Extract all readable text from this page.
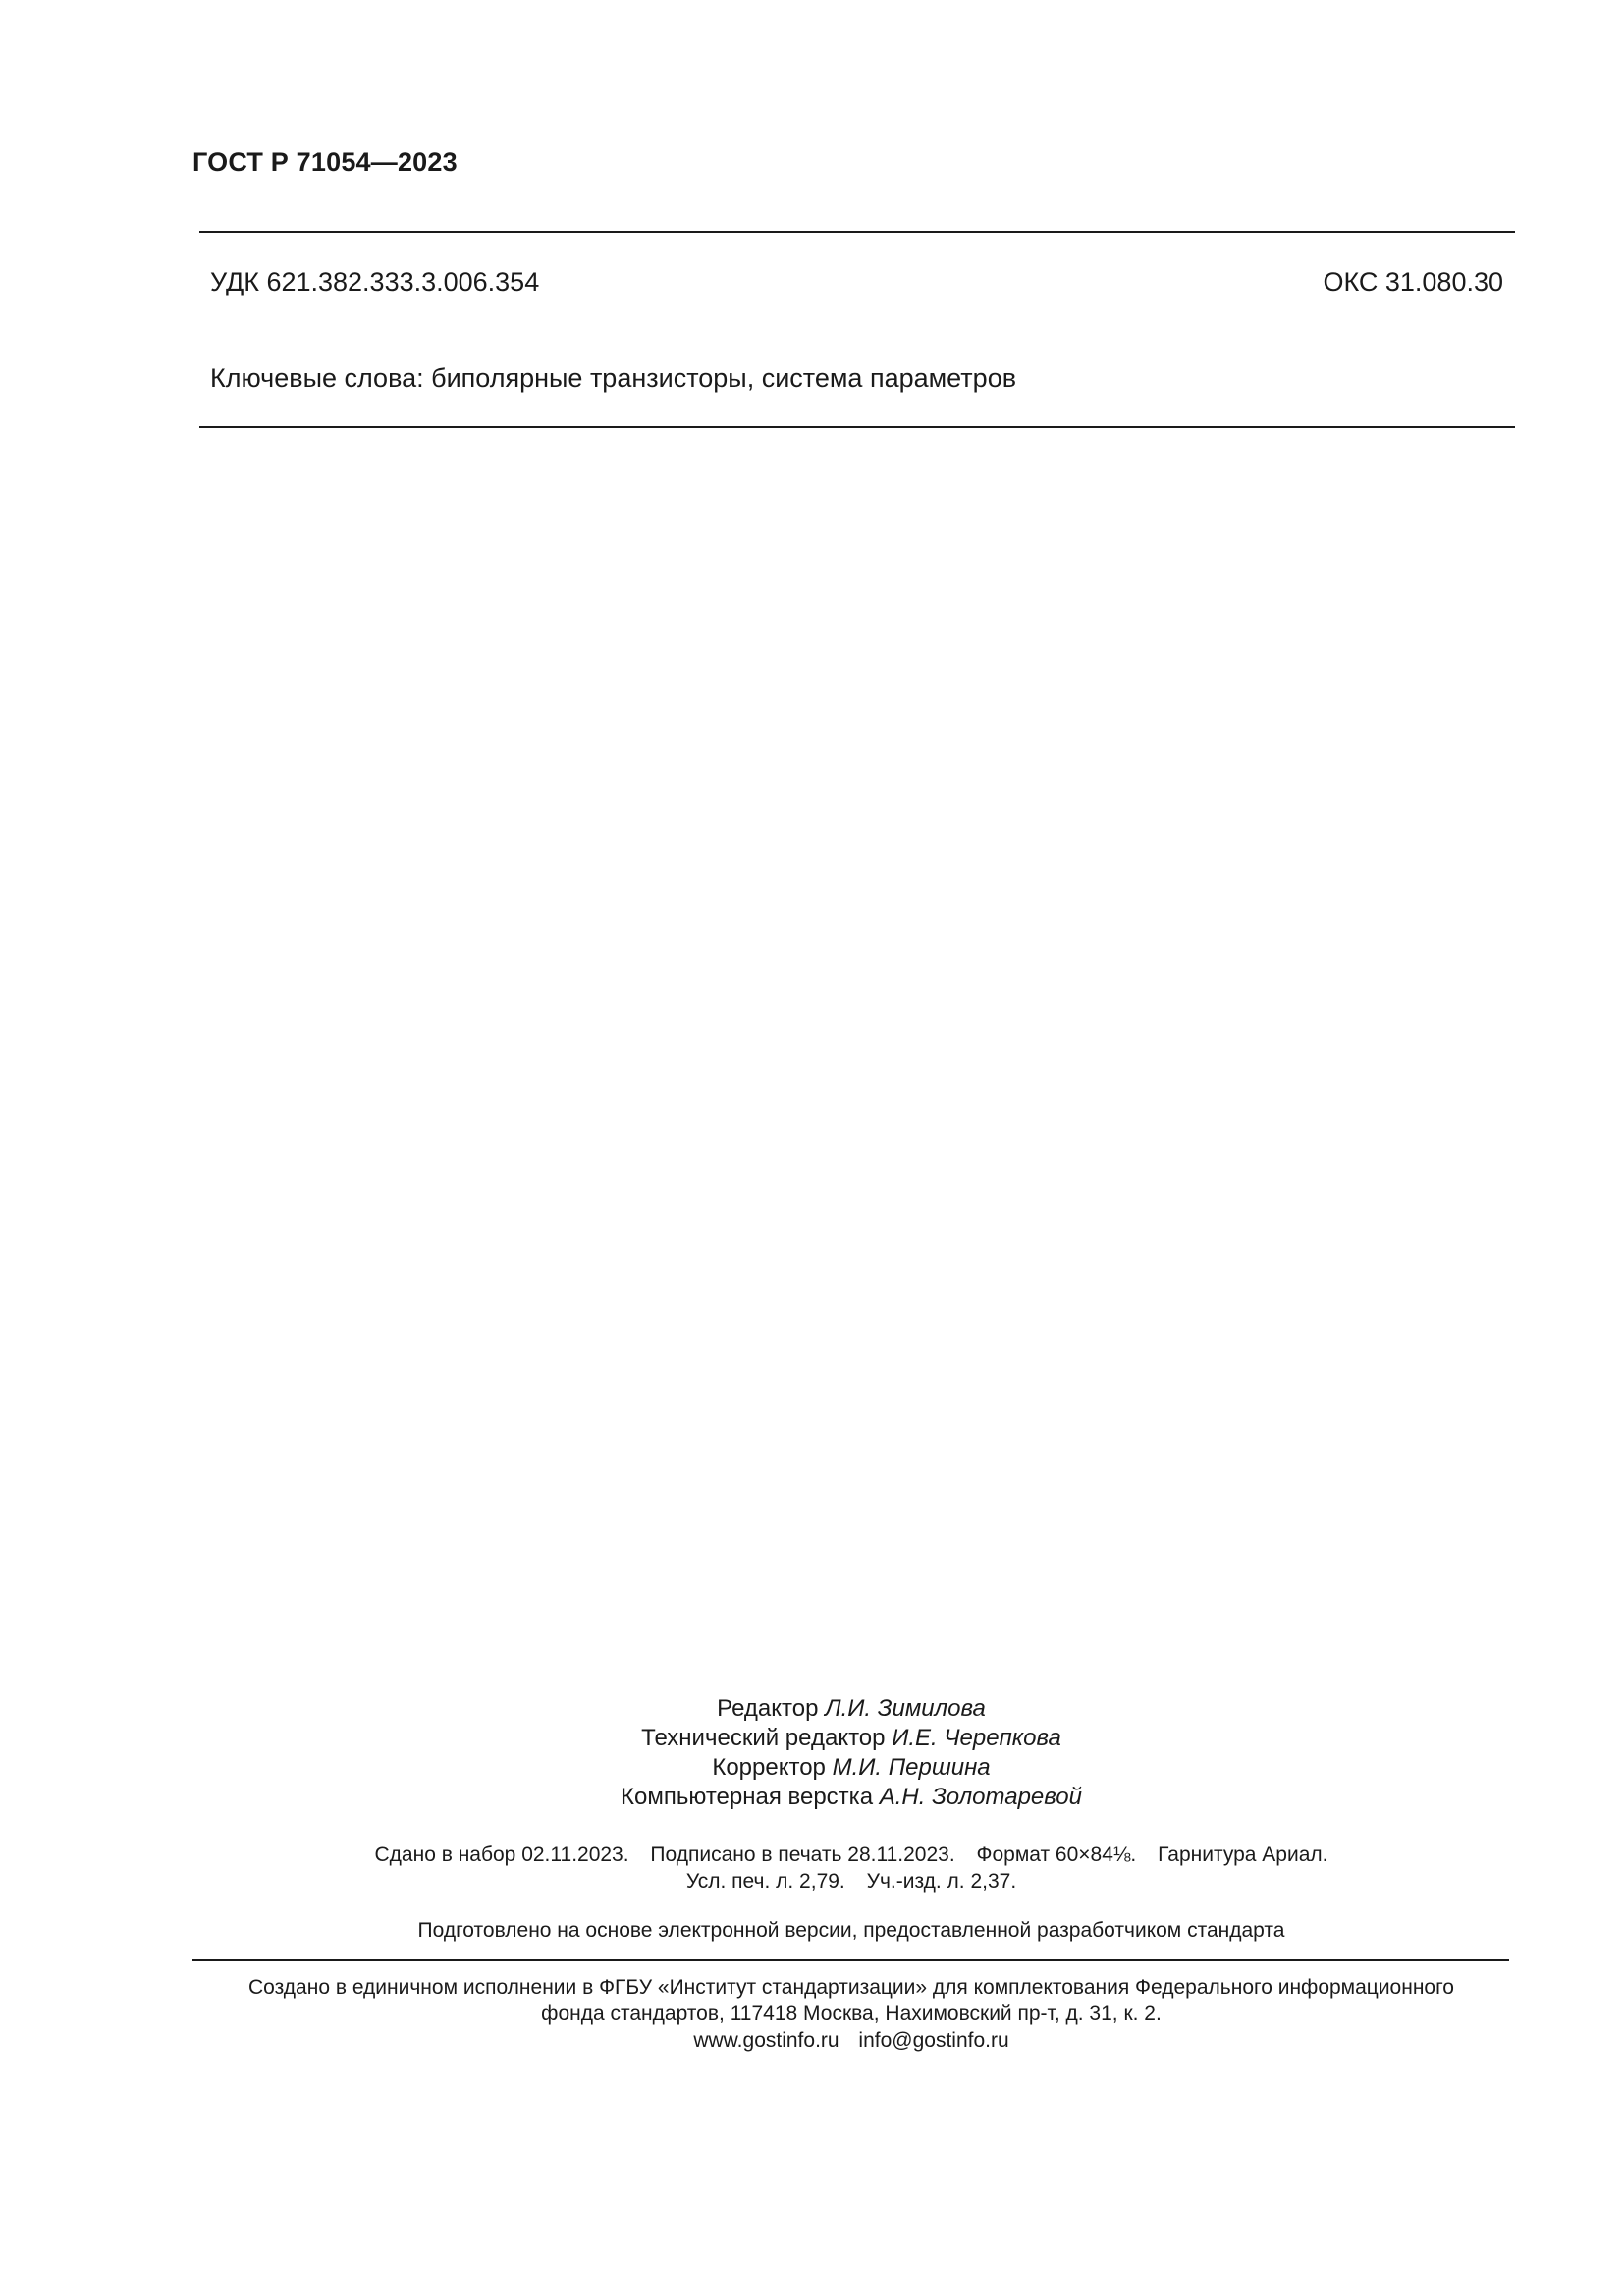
ГОСТ Р 71054—2023
УДК 621.382.333.3.006.354	ОКС 31.080.30
Ключевые слова: биполярные транзисторы, система параметров
Редактор Л.И. Зимилова
Технический редактор И.Е. Черепкова
Корректор М.И. Першина
Компьютерная верстка А.Н. Золотаревой
Сдано в набор 02.11.2023. Подписано в печать 28.11.2023. Формат 60×84⅛. Гарнитура Ариал.
Усл. печ. л. 2,79. Уч.-изд. л. 2,37.
Подготовлено на основе электронной версии, предоставленной разработчиком стандарта
Создано в единичном исполнении в ФГБУ «Институт стандартизации» для комплектования Федерального информационного
фонда стандартов, 117418 Москва, Нахимовский пр-т, д. 31, к. 2.
www.gostinfo.ru info@gostinfo.ru
